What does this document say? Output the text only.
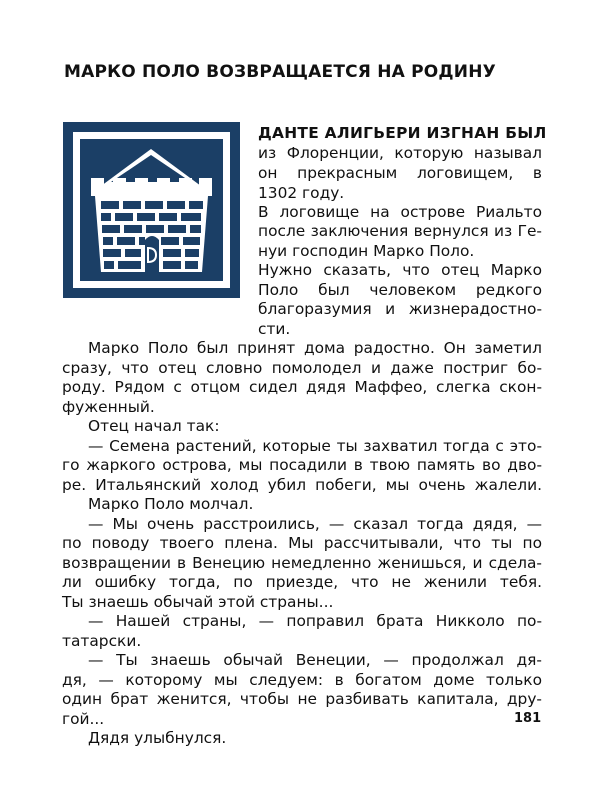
МАРКО ПОЛО ВОЗВРАЩАЕТСЯ НА РОДИНУ
ДАНТЕ АЛИГЬЕРИ ИЗГНАН БЫЛ
из Флоренции, которую называл
он прекрасным логовищем, в
1302 году.
В логовище на острове Риальто
после заключения вернулся из Ге-
нуи господин Марко Поло.
Нужно сказать, что отец Марко
Поло был человеком редкого
благоразумия и жизнерадостно-
сти.
Марко Поло был принят дома радостно. Он заметил
сразу, что отец словно помолодел и даже постриг бо-
роду. Рядом с отцом сидел дядя Маффео, слегка скон-
фуженный.
Отец начал так:
— Семена растений, которые ты захватил тогда с это-
го жаркого острова, мы посадили в твою память во дво-
ре. Итальянский холод убил побеги, мы очень жалели.
Марко Поло молчал.
— Мы очень расстроились, — сказал тогда дядя, —
по поводу твоего плена. Мы рассчитывали, что ты по
возвращении в Венецию немедленно женишься, и сделa-
ли ошибку тогда, по приезде, что не женили тебя.
Ты знаешь обычай этой страны...
— Нашей страны, — поправил брата Никколо по-
татарски.
— Ты знаешь обычай Венеции, — продолжал дя-
дя, — которому мы следуем: в богатом доме только
один брат женится, чтобы не разбивать капитала, дру-
гой...
Дядя улыбнулся.
181
